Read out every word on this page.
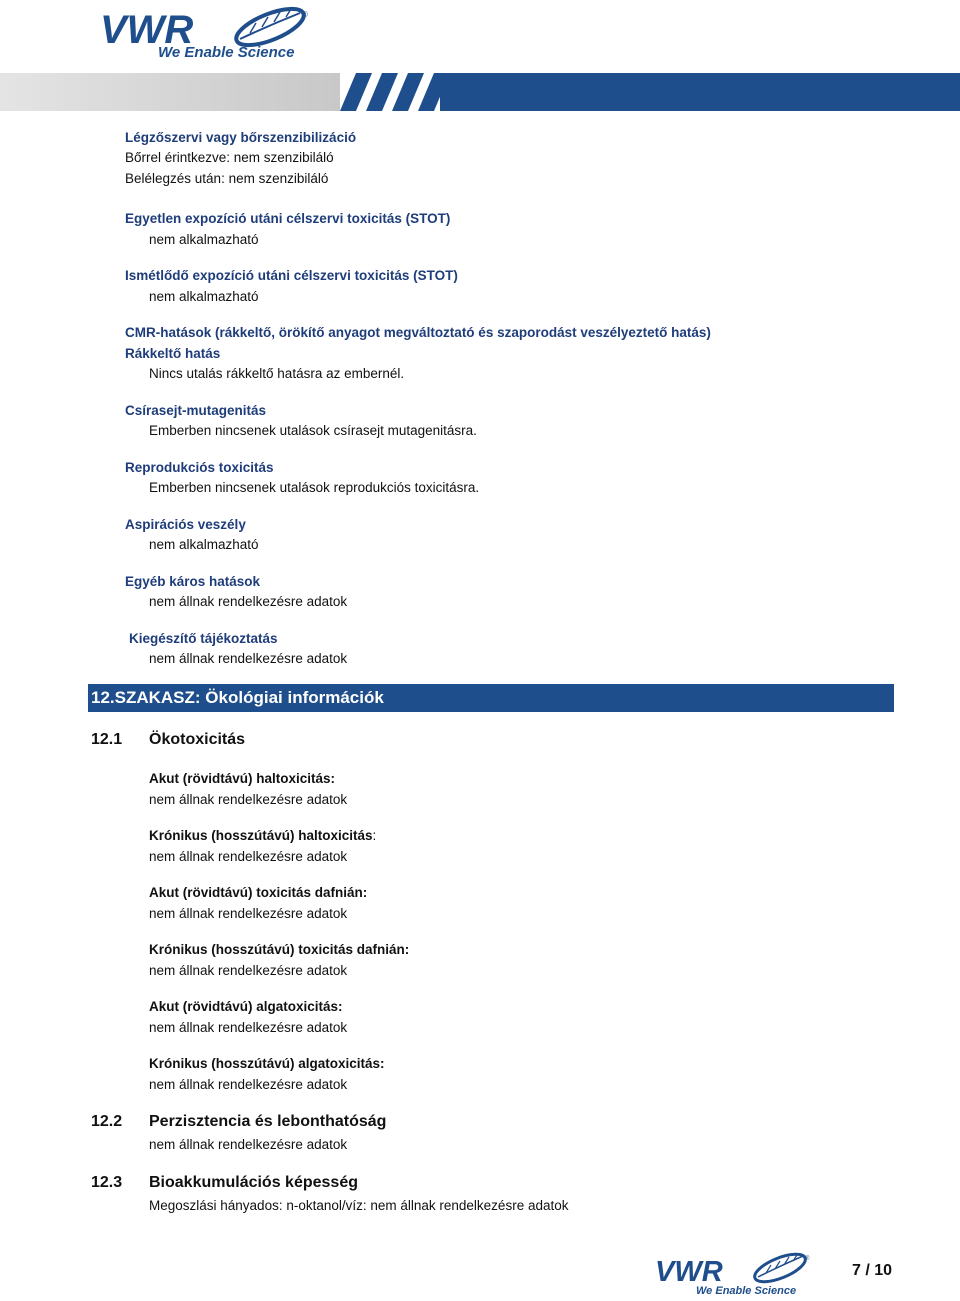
VWR
We Enable Science
®
Légzőszervi vagy bőrszenzibilizáció
Bőrrel érintkezve: nem szenzibiláló
Belélegzés után: nem szenzibiláló
Egyetlen expozíció utáni célszervi toxicitás (STOT)
nem alkalmazható
Ismétlődő expozíció utáni célszervi toxicitás (STOT)
nem alkalmazható
CMR-hatások (rákkeltő, örökítő anyagot megváltoztató és szaporodást veszélyeztető hatás)
Rákkeltő hatás
Nincs utalás rákkeltő hatásra az embernél.
Csírasejt-mutagenitás
Emberben nincsenek utalások csírasejt mutagenitásra.
Reprodukciós toxicitás
Emberben nincsenek utalások reprodukciós toxicitásra.
Aspirációs veszély
nem alkalmazható
Egyéb káros hatások
nem állnak rendelkezésre adatok
Kiegészítő tájékoztatás
nem állnak rendelkezésre adatok
12.SZAKASZ: Ökológiai információk
12.1 Ökotoxicitás
Akut (rövidtávú) haltoxicitás:
nem állnak rendelkezésre adatok
Krónikus (hosszútávú) haltoxicitás:
nem állnak rendelkezésre adatok
Akut (rövidtávú) toxicitás dafnián:
nem állnak rendelkezésre adatok
Krónikus (hosszútávú) toxicitás dafnián:
nem állnak rendelkezésre adatok
Akut (rövidtávú) algatoxicitás:
nem állnak rendelkezésre adatok
Krónikus (hosszútávú) algatoxicitás:
nem állnak rendelkezésre adatok
12.2 Perzisztencia és lebonthatóság
nem állnak rendelkezésre adatok
12.3 Bioakkumulációs képesség
Megoszlási hányados: n-oktanol/víz: nem állnak rendelkezésre adatok
VWR
We Enable Science
®
7 / 10
